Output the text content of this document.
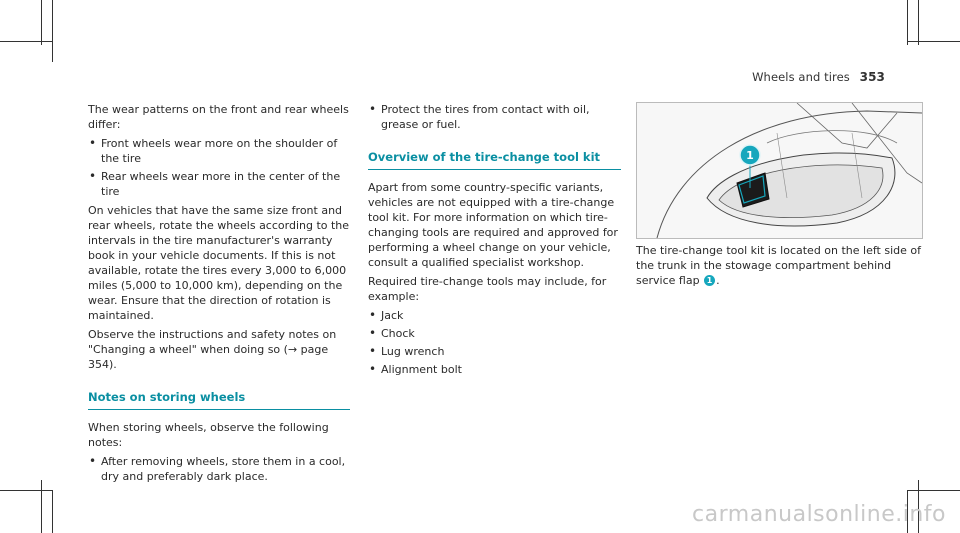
Wheels and tires 353

The wear patterns on the front and rear wheels differ:

• Front wheels wear more on the shoulder of the tire
• Rear wheels wear more in the center of the tire

On vehicles that have the same size front and rear wheels, rotate the wheels according to the intervals in the tire manufacturer's warranty book in your vehicle documents. If this is not available, rotate the tires every 3,000 to 6,000 miles (5,000 to 10,000 km), depending on the wear. Ensure that the direction of rotation is maintained.

Observe the instructions and safety notes on "Changing a wheel" when doing so (→ page 354).

Notes on storing wheels

When storing wheels, observe the following notes:

• After removing wheels, store them in a cool, dry and preferably dark place.
• Protect the tires from contact with oil, grease or fuel.
Overview of the tire-change tool kit

Apart from some country-specific variants, vehicles are not equipped with a tire-change tool kit. For more information on which tire-changing tools are required and approved for performing a wheel change on your vehicle, consult a qualified specialist workshop.

Required tire-change tools may include, for example:

• Jack
• Chock
• Lug wrench
• Alignment bolt
1

The tire-change tool kit is located on the left side of the trunk in the stowage compartment behind service flap 1 .

carmanualsonline.info
